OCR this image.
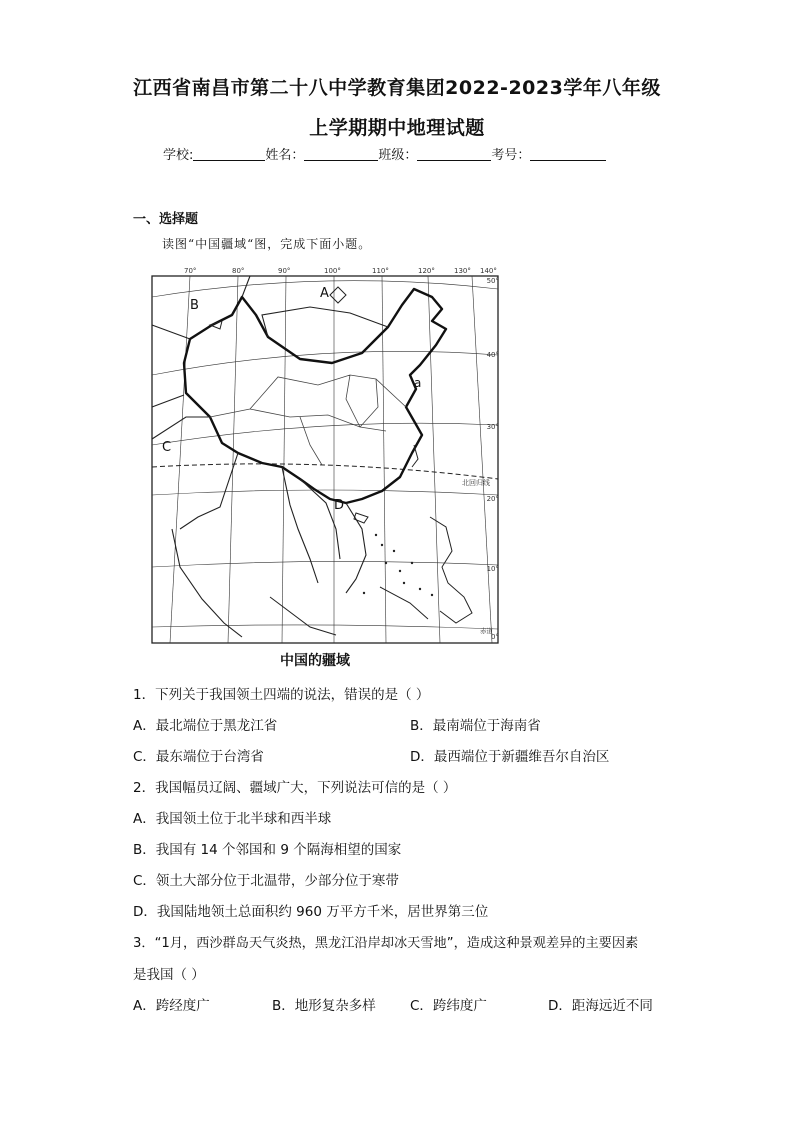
江西省南昌市第二十八中学教育集团2022-2023学年八年级
上学期期中地理试题
学校:	姓名：	班级：	考号：
一、选择题
读图“中国疆域“图，完成下面小题。
70°	80°	90°	100°	110°	120°	130° 140°
50°
40°
30°
20°
10°
0°
北回归线
赤道
A
B
C
D
a
中国的疆域
1．下列关于我国领土四端的说法，错误的是（ ）
A．最北端位于黑龙江省	B．最南端位于海南省
C．最东端位于台湾省	D．最西端位于新疆维吾尔自治区
2．我国幅员辽阔、疆域广大，下列说法可信的是（ ）
A．我国领土位于北半球和西半球
B．我国有 14 个邻国和 9 个隔海相望的国家
C．领土大部分位于北温带，少部分位于寒带
D．我国陆地领土总面积约 960 万平方千米，居世界第三位
3．“1月，西沙群岛天气炎热，黑龙江沿岸却冰天雪地”，造成这种景观差异的主要因素
是我国（ ）
A．跨经度广	B．地形复杂多样	C．跨纬度广	D．距海远近不同
